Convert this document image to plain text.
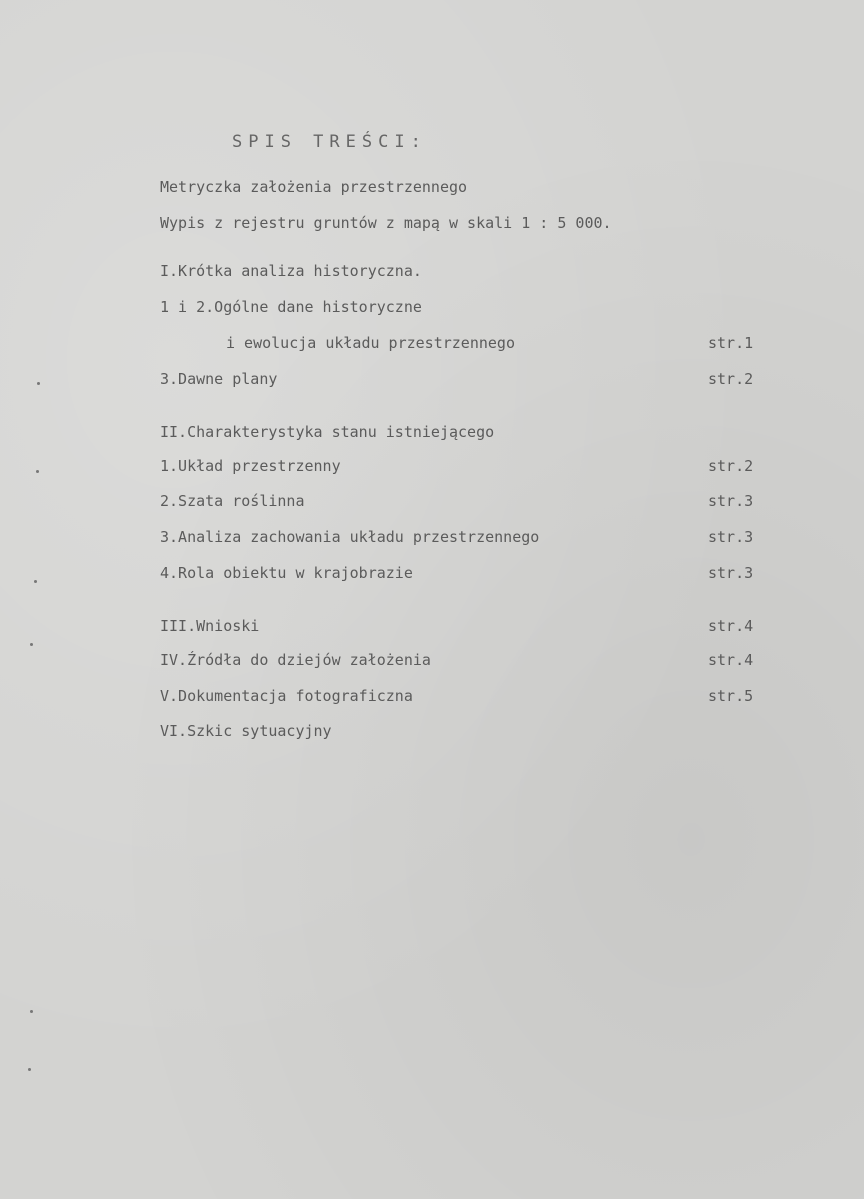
SPIS TREŚCI:
Metryczka założenia przestrzennego
Wypis z rejestru gruntów z mapą w skali 1 : 5 000.
I.Krótka analiza historyczna.
1 i 2.Ogólne dane historyczne
i ewolucja układu przestrzennego	str.1
3.Dawne plany	str.2
II.Charakterystyka stanu istniejącego
1.Układ przestrzenny	str.2
2.Szata roślinna	str.3
3.Analiza zachowania układu przestrzennego	str.3
4.Rola obiektu w krajobrazie	str.3
III.Wnioski	str.4
IV.Źródła do dziejów założenia	str.4
V.Dokumentacja fotograficzna	str.5
VI.Szkic sytuacyjny
